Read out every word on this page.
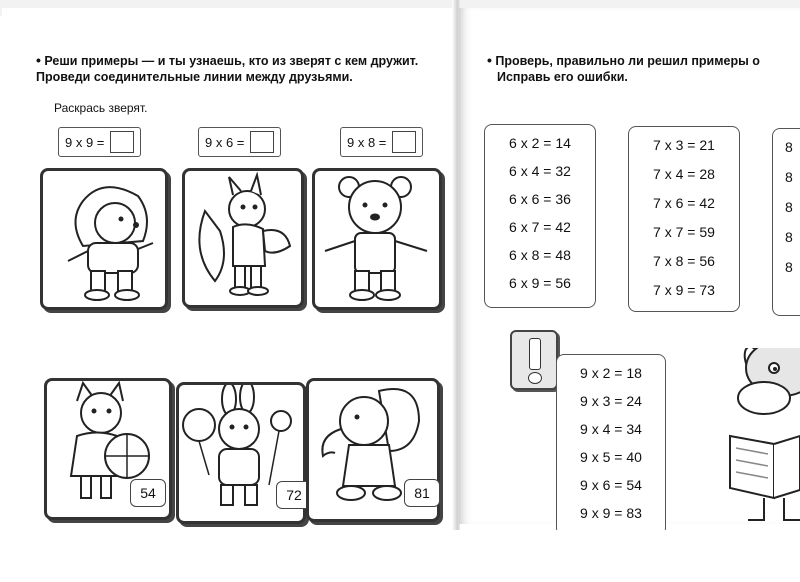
• Реши примеры — и ты узнаешь, кто из зверят с кем дружит. Проведи соединительные линии между друзьями.
Раскрась зверят.
9 x 9 =	9 x 6 =	9 x 8 =
54	72	81
• Проверь, правильно ли решил примеры о
Исправь его ошибки.
6 x 2 = 14
6 x 4 = 32
6 x 6 = 36
6 x 7 = 42
6 x 8 = 48
6 x 9 = 56
7 x 3 = 21
7 x 4 = 28
7 x 6 = 42
7 x 7 = 59
7 x 8 = 56
7 x 9 = 73
8
8
8
8
8
9 x 2 = 18
9 x 3 = 24
9 x 4 = 34
9 x 5 = 40
9 x 6 = 54
9 x 9 = 83
